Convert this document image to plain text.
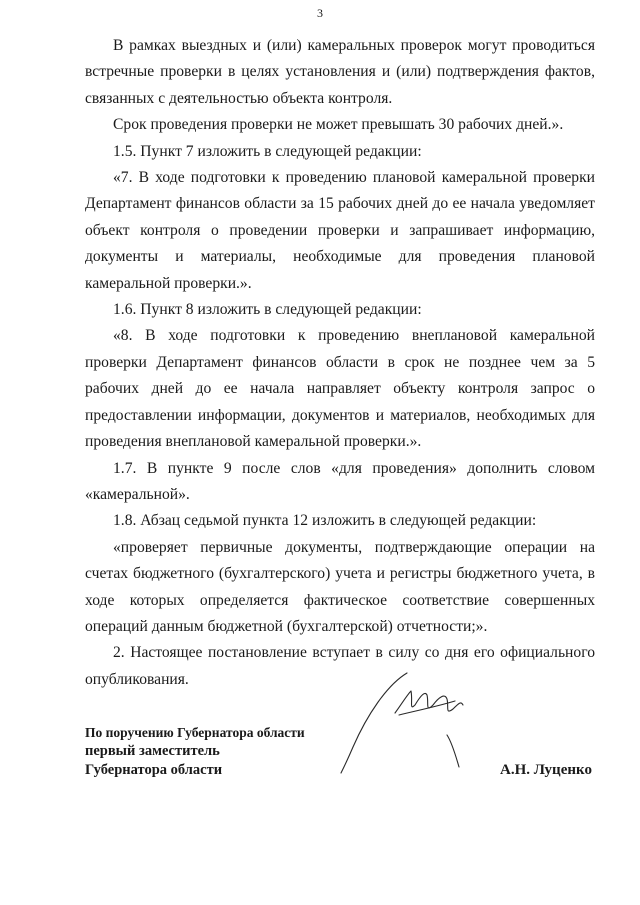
3

В рамках выездных и (или) камеральных проверок могут проводиться встречные проверки в целях установления и (или) подтверждения фактов, связанных с деятельностью объекта контроля.

Срок проведения проверки не может превышать 30 рабочих дней.».

1.5. Пункт 7 изложить в следующей редакции:

«7. В ходе подготовки к проведению плановой камеральной проверки Департамент финансов области за 15 рабочих дней до ее начала уведомляет объект контроля о проведении проверки и запрашивает информацию, документы и материалы, необходимые для проведения плановой камеральной проверки.».

1.6. Пункт 8 изложить в следующей редакции:

«8. В ходе подготовки к проведению внеплановой камеральной проверки Департамент финансов области в срок не позднее чем за 5 рабочих дней до ее начала направляет объекту контроля запрос о предоставлении информации, документов и материалов, необходимых для проведения внеплановой камеральной проверки.».

1.7. В пункте 9 после слов «для проведения» дополнить словом «камеральной».

1.8. Абзац седьмой пункта 12 изложить в следующей редакции:

«проверяет первичные документы, подтверждающие операции на счетах бюджетного (бухгалтерского) учета и регистры бюджетного учета, в ходе которых определяется фактическое соответствие совершенных операций данным бюджетной (бухгалтерской) отчетности;».

2. Настоящее постановление вступает в силу со дня его официального опубликования.

По поручению Губернатора области
первый заместитель
Губернатора области	А.Н. Луценко
